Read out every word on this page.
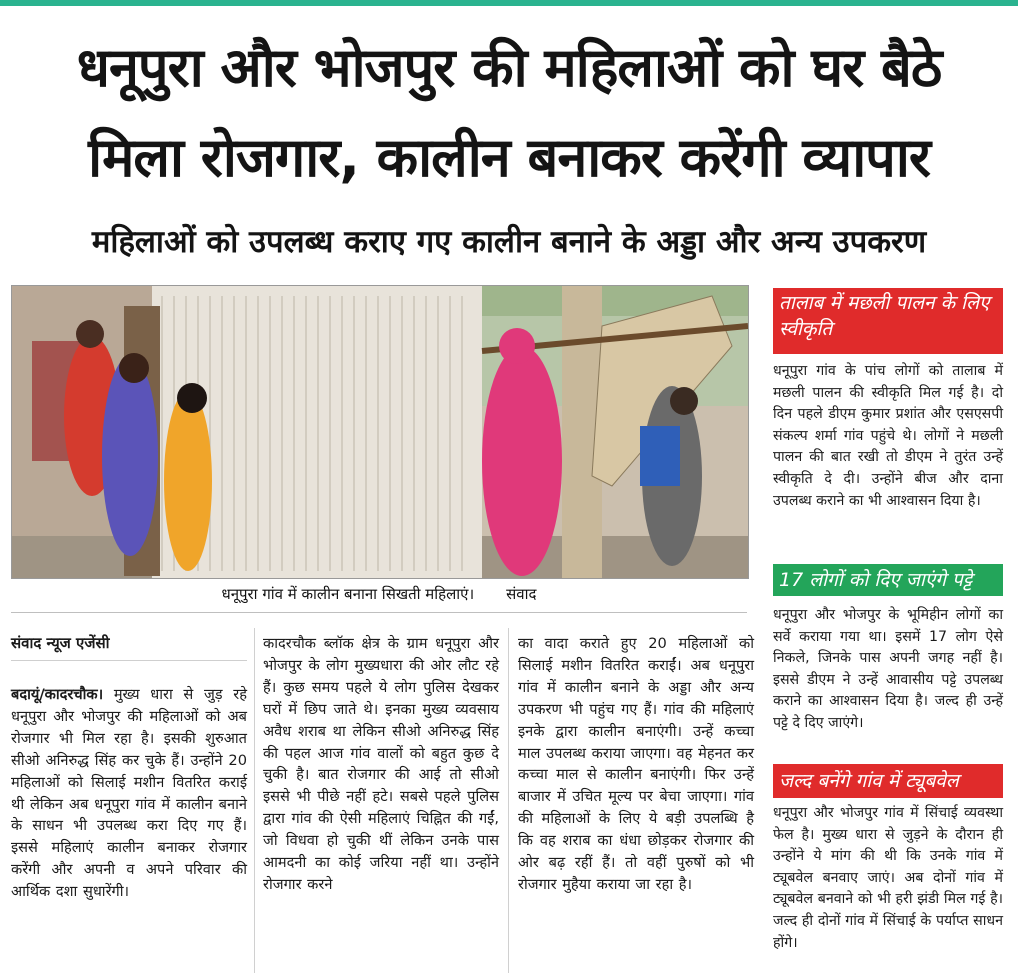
धनूपुरा और भोजपुर की महिलाओं को घर बैठे
मिला रोजगार, कालीन बनाकर करेंगी व्यापार
महिलाओं को उपलब्ध कराए गए कालीन बनाने के अड्डा और अन्य उपकरण
धनूपुरा गांव में कालीन बनाना सिखती महिलाएं। संवाद
संवाद न्यूज एजेंसी
बदायूं/कादरचौक। मुख्य धारा से जुड़ रहे धनूपुरा और भोजपुर की महिलाओं को अब रोजगार भी मिल रहा है। इसकी शुरुआत सीओ अनिरुद्ध सिंह कर चुके हैं। उन्होंने 20 महिलाओं को सिलाई मशीन वितरित कराई थी लेकिन अब धनूपुरा गांव में कालीन बनाने के साधन भी उपलब्ध करा दिए गए हैं। इससे महिलाएं कालीन बनाकर रोजगार करेंगी और अपनी व अपने परिवार की आर्थिक दशा सुधारेंगी।
कादरचौक ब्लॉक क्षेत्र के ग्राम धनूपुरा और भोजपुर के लोग मुख्यधारा की ओर लौट रहे हैं। कुछ समय पहले ये लोग पुलिस देखकर घरों में छिप जाते थे। इनका मुख्य व्यवसाय अवैध शराब था लेकिन सीओ अनिरुद्ध सिंह की पहल आज गांव वालों को बहुत कुछ दे चुकी है। बात रोजगार की आई तो सीओ इससे भी पीछे नहीं हटे। सबसे पहले पुलिस द्वारा गांव की ऐसी महिलाएं चिह्नित की गईं, जो विधवा हो चुकी थीं लेकिन उनके पास आमदनी का कोई जरिया नहीं था। उन्होंने रोजगार करने
का वादा कराते हुए 20 महिलाओं को सिलाई मशीन वितरित कराईं। अब धनूपुरा गांव में कालीन बनाने के अड्डा और अन्य उपकरण भी पहुंच गए हैं। गांव की महिलाएं इनके द्वारा कालीन बनाएंगी। उन्हें कच्चा माल उपलब्ध कराया जाएगा। वह मेहनत कर कच्चा माल से कालीन बनाएंगी। फिर उन्हें बाजार में उचित मूल्य पर बेचा जाएगा। गांव की महिलाओं के लिए ये बड़ी उपलब्धि है कि वह शराब का धंधा छोड़कर रोजगार की ओर बढ़ रहीं हैं। तो वहीं पुरुषों को भी रोजगार मुहैया कराया जा रहा है।
तालाब में मछली पालन के लिए स्वीकृति
धनूपुरा गांव के पांच लोगों को तालाब में मछली पालन की स्वीकृति मिल गई है। दो दिन पहले डीएम कुमार प्रशांत और एसएसपी संकल्प शर्मा गांव पहुंचे थे। लोगों ने मछली पालन की बात रखी तो डीएम ने तुरंत उन्हें स्वीकृति दे दी। उन्होंने बीज और दाना उपलब्ध कराने का भी आश्वासन दिया है।
17 लोगों को दिए जाएंगे पट्टे
धनूपुरा और भोजपुर के भूमिहीन लोगों का सर्वे कराया गया था। इसमें 17 लोग ऐसे निकले, जिनके पास अपनी जगह नहीं है। इससे डीएम ने उन्हें आवासीय पट्टे उपलब्ध कराने का आश्वासन दिया है। जल्द ही उन्हें पट्टे दे दिए जाएंगे।
जल्द बनेंगे गांव में ट्यूबवेल
धनूपुरा और भोजपुर गांव में सिंचाई व्यवस्था फेल है। मुख्य धारा से जुड़ने के दौरान ही उन्होंने ये मांग की थी कि उनके गांव में ट्यूबवेल बनवाए जाएं। अब दोनों गांव में ट्यूबवेल बनवाने को भी हरी झंडी मिल गई है। जल्द ही दोनों गांव में सिंचाई के पर्याप्त साधन होंगे।
